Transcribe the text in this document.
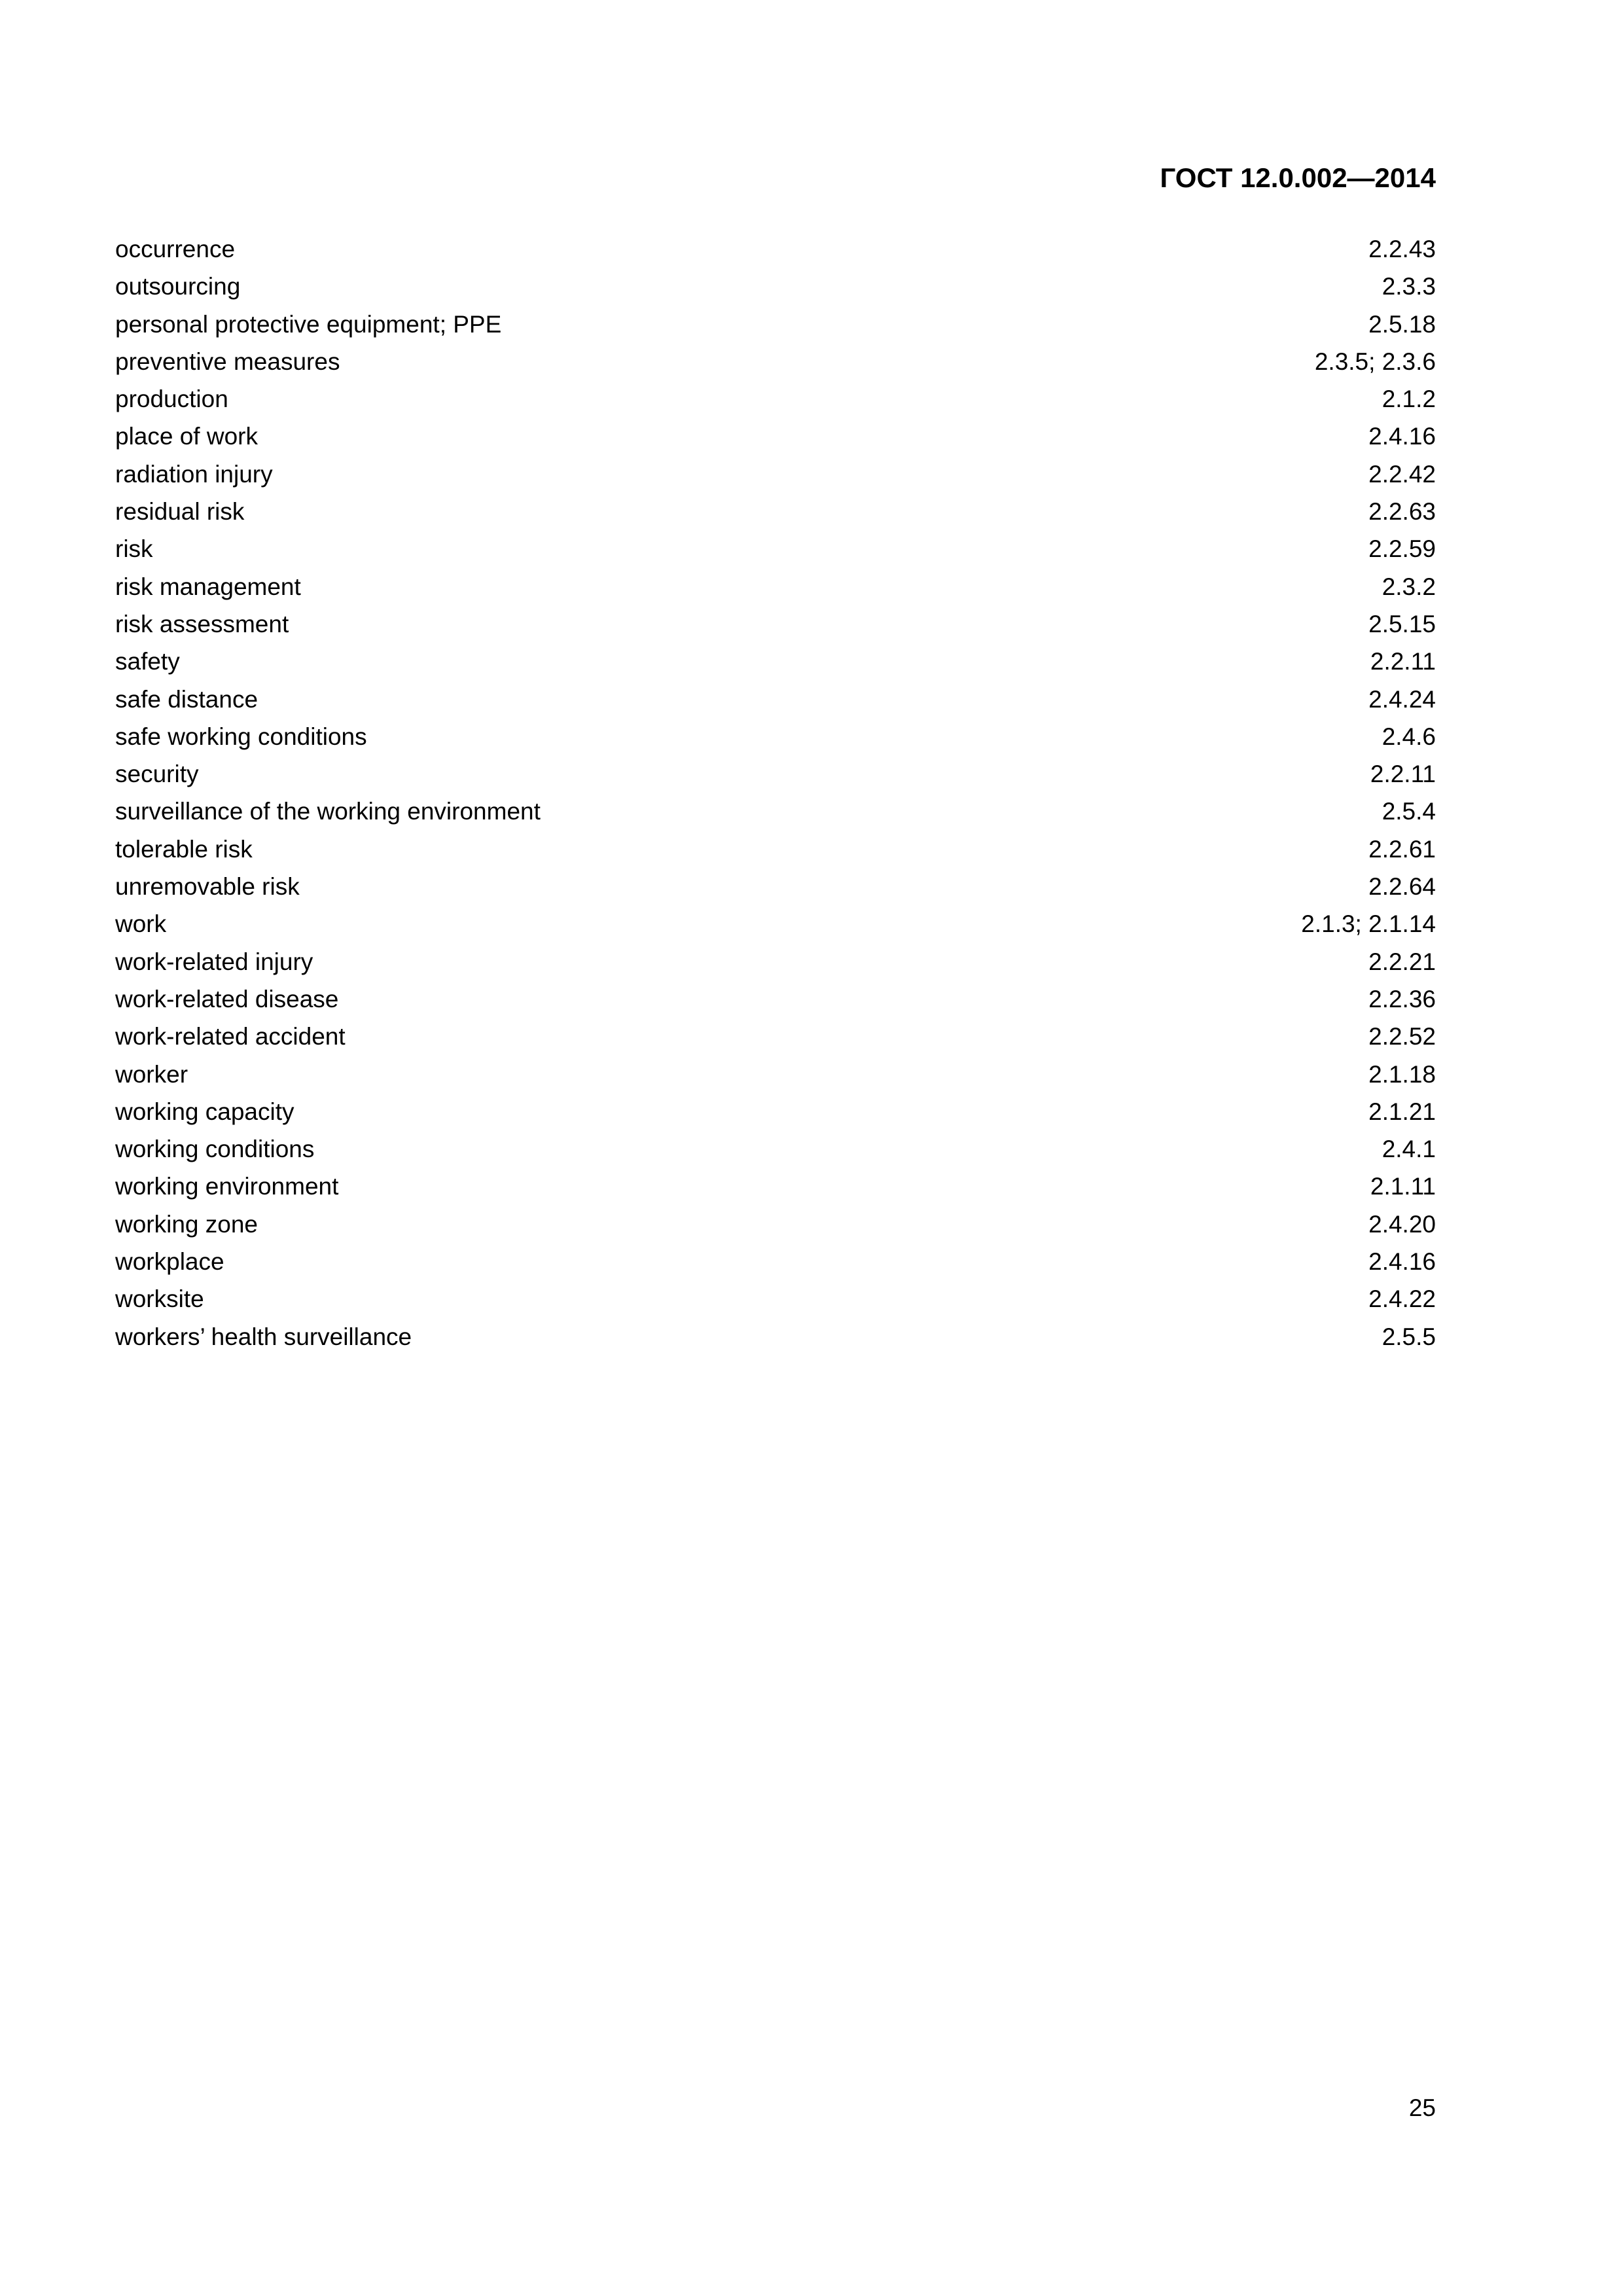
ГОСТ 12.0.002—2014
occurrence	2.2.43
outsourcing	2.3.3
personal protective equipment; PPE	2.5.18
preventive measures	2.3.5; 2.3.6
production	2.1.2
place of work	2.4.16
radiation injury	2.2.42
residual risk	2.2.63
risk	2.2.59
risk management	2.3.2
risk assessment	2.5.15
safety	2.2.11
safe distance	2.4.24
safe working conditions	2.4.6
security	2.2.11
surveillance of the working environment	2.5.4
tolerable risk	2.2.61
unremovable risk	2.2.64
work	2.1.3; 2.1.14
work-related injury	2.2.21
work-related disease	2.2.36
work-related accident	2.2.52
worker	2.1.18
working capacity	2.1.21
working conditions	2.4.1
working environment	2.1.11
working zone	2.4.20
workplace	2.4.16
worksite	2.4.22
workers’ health surveillance	2.5.5
25
